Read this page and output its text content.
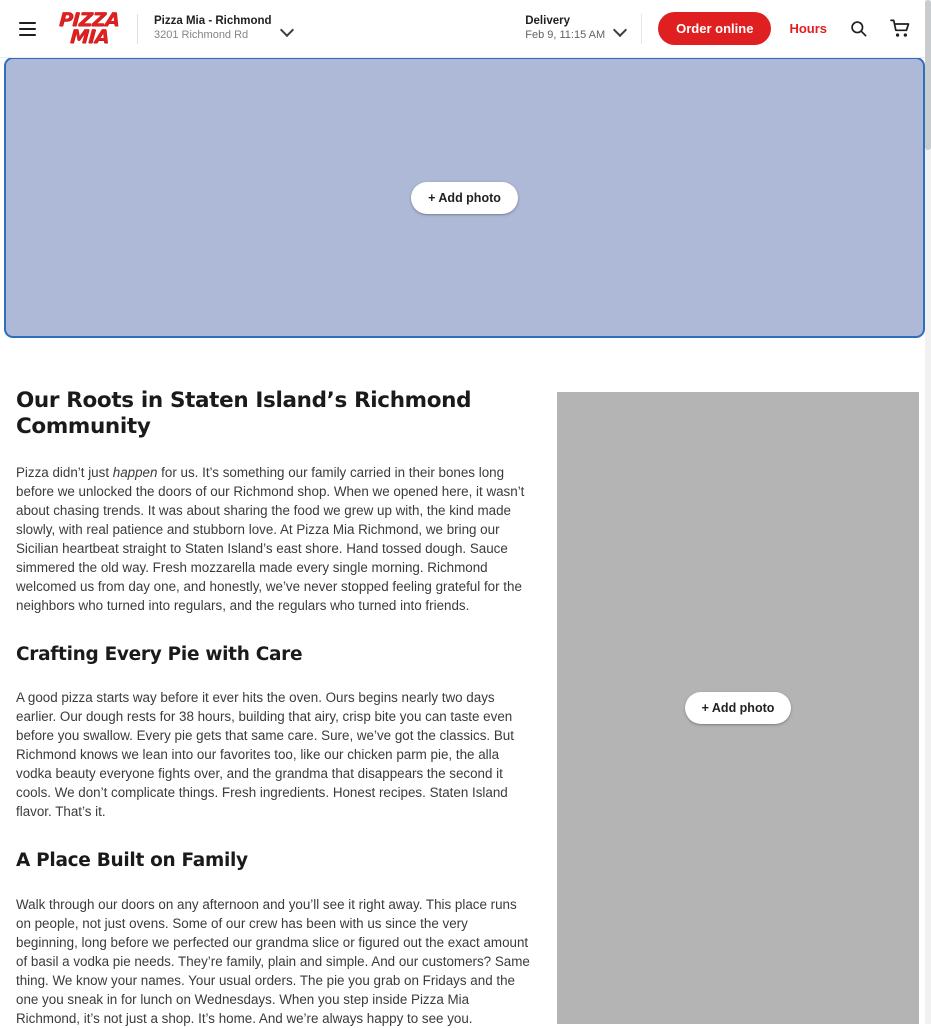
PIZZA
MIA
Pizza Mia - Richmond
3201 Richmond Rd
Delivery
Feb 9, 11:15 AM	Order online	Hours
+ Add photo
Our Roots in Staten Island’s Richmond Community

Pizza didn’t just happen for us. It’s something our family carried in their bones long before we unlocked the doors of our Richmond shop. When we opened here, it wasn’t about chasing trends. It was about sharing the food we grew up with, the kind made slowly, with real patience and stubborn love. At Pizza Mia Richmond, we bring our Sicilian heartbeat straight to Staten Island’s east shore. Hand tossed dough. Sauce simmered the old way. Fresh mozzarella made every single morning. Richmond welcomed us from day one, and honestly, we’ve never stopped feeling grateful for the neighbors who turned into regulars, and the regulars who turned into friends.

Crafting Every Pie with Care

A good pizza starts way before it ever hits the oven. Ours begins nearly two days earlier. Our dough rests for 38 hours, building that airy, crisp bite you can taste even before you swallow. Every pie gets that same care. Sure, we’ve got the classics. But Richmond knows we lean into our favorites too, like our chicken parm pie, the alla vodka beauty everyone fights over, and the grandma that disappears the second it cools. We don’t complicate things. Fresh ingredients. Honest recipes. Staten Island flavor. That’s it.

A Place Built on Family

Walk through our doors on any afternoon and you’ll see it right away. This place runs on people, not just ovens. Some of our crew has been with us since the very beginning, long before we perfected our grandma slice or figured out the exact amount of basil a vodka pie needs. They’re family, plain and simple. And our customers? Same thing. We know your names. Your usual orders. The pie you grab on Fridays and the one you sneak in for lunch on Wednesdays. When you step inside Pizza Mia Richmond, it’s not just a shop. It’s home. And we’re always happy to see you.

+ Add photo
